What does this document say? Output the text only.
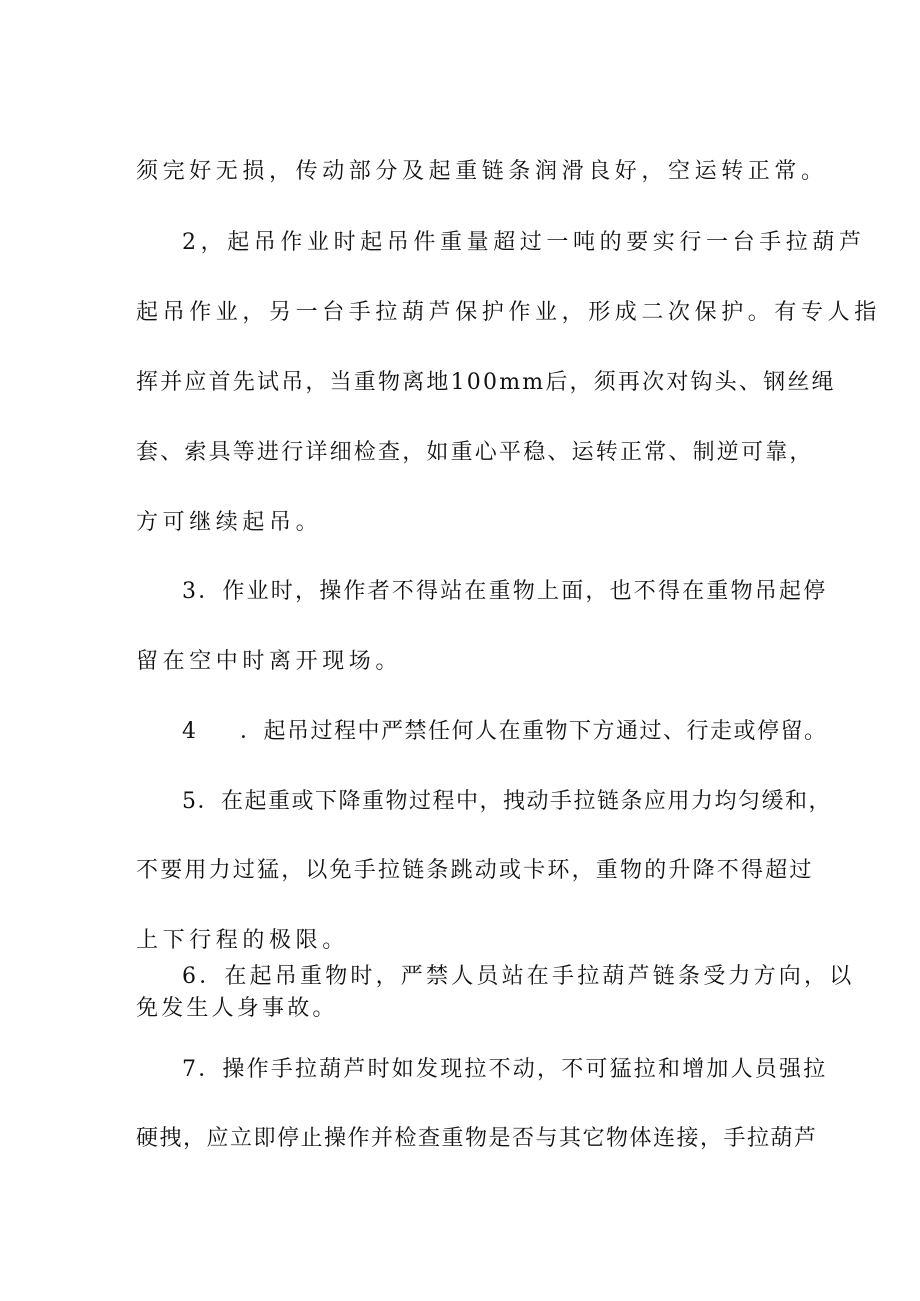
须完好无损，传动部分及起重链条润滑良好，空运转正常。

2，起吊作业时起吊件重量超过一吨的要实行一台手拉葫芦

起吊作业，另一台手拉葫芦保护作业，形成二次保护。有专人指

挥并应首先试吊，当重物离地100mm后，须再次对钩头、钢丝绳

套、索具等进行详细检查，如重心平稳、运转正常、制逆可靠，

方可继续起吊。

3．作业时，操作者不得站在重物上面，也不得在重物吊起停

留在空中时离开现场。

4 ．起吊过程中严禁任何人在重物下方通过、行走或停留。

5．在起重或下降重物过程中，拽动手拉链条应用力均匀缓和，

不要用力过猛，以免手拉链条跳动或卡环，重物的升降不得超过

上下行程的极限。

6．在起吊重物时，严禁人员站在手拉葫芦链条受力方向，以

免发生人身事故。

7．操作手拉葫芦时如发现拉不动，不可猛拉和增加人员强拉

硬拽，应立即停止操作并检查重物是否与其它物体连接，手拉葫芦
